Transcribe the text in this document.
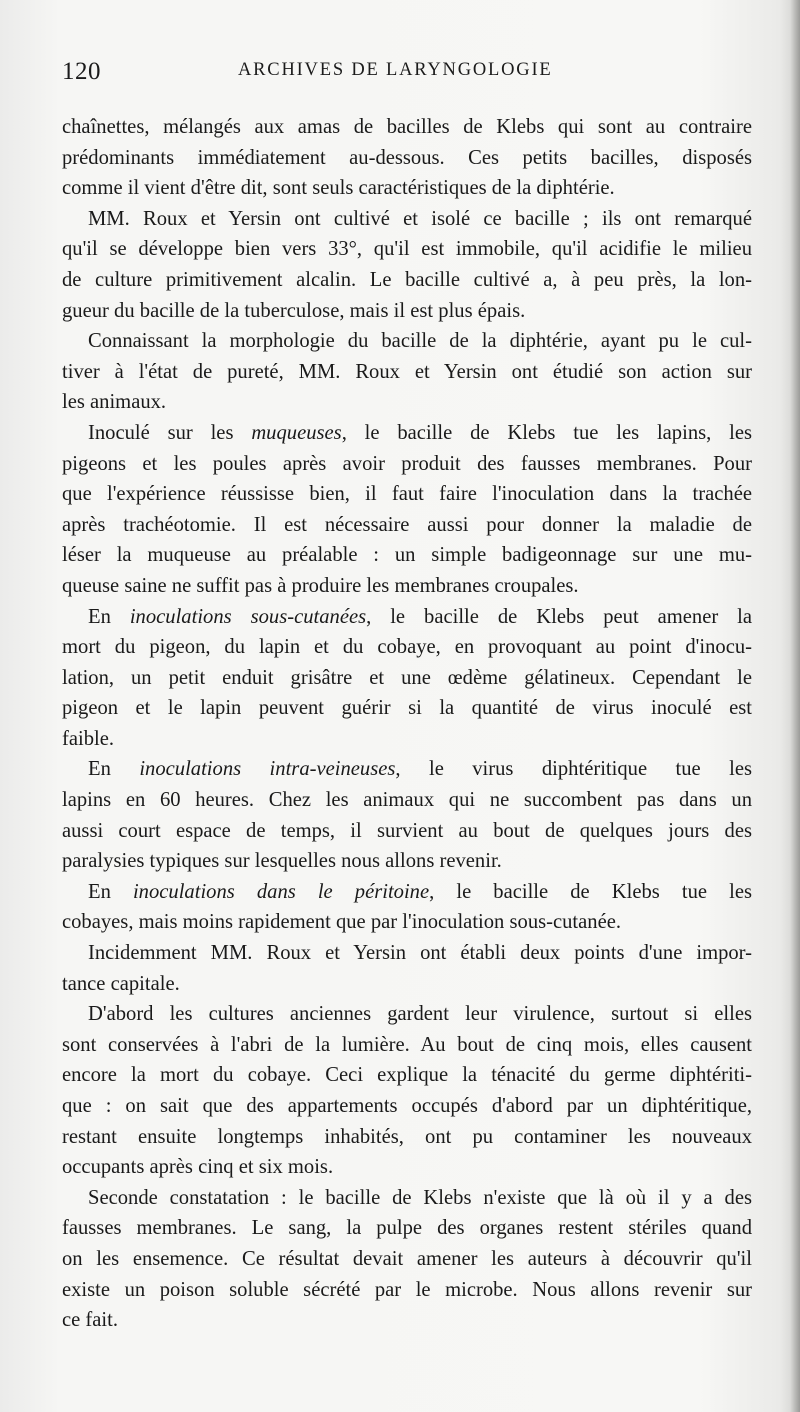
120	ARCHIVES DE LARYNGOLOGIE
chaînettes, mélangés aux amas de bacilles de Klebs qui sont au contraire
prédominants immédiatement au-dessous. Ces petits bacilles, disposés
comme il vient d'être dit, sont seuls caractéristiques de la diphtérie.
MM. Roux et Yersin ont cultivé et isolé ce bacille ; ils ont remarqué
qu'il se développe bien vers 33°, qu'il est immobile, qu'il acidifie le milieu
de culture primitivement alcalin. Le bacille cultivé a, à peu près, la lon-
gueur du bacille de la tuberculose, mais il est plus épais.
Connaissant la morphologie du bacille de la diphtérie, ayant pu le cul-
tiver à l'état de pureté, MM. Roux et Yersin ont étudié son action sur
les animaux.
Inoculé sur les muqueuses, le bacille de Klebs tue les lapins, les
pigeons et les poules après avoir produit des fausses membranes. Pour
que l'expérience réussisse bien, il faut faire l'inoculation dans la trachée
après trachéotomie. Il est nécessaire aussi pour donner la maladie de
léser la muqueuse au préalable : un simple badigeonnage sur une mu-
queuse saine ne suffit pas à produire les membranes croupales.
En inoculations sous-cutanées, le bacille de Klebs peut amener la
mort du pigeon, du lapin et du cobaye, en provoquant au point d'inocu-
lation, un petit enduit grisâtre et une œdème gélatineux. Cependant le
pigeon et le lapin peuvent guérir si la quantité de virus inoculé est
faible.
En inoculations intra-veineuses, le virus diphtéritique tue les
lapins en 60 heures. Chez les animaux qui ne succombent pas dans un
aussi court espace de temps, il survient au bout de quelques jours des
paralysies typiques sur lesquelles nous allons revenir.
En inoculations dans le péritoine, le bacille de Klebs tue les
cobayes, mais moins rapidement que par l'inoculation sous-cutanée.
Incidemment MM. Roux et Yersin ont établi deux points d'une impor-
tance capitale.
D'abord les cultures anciennes gardent leur virulence, surtout si elles
sont conservées à l'abri de la lumière. Au bout de cinq mois, elles causent
encore la mort du cobaye. Ceci explique la ténacité du germe diphtériti-
que : on sait que des appartements occupés d'abord par un diphtéritique,
restant ensuite longtemps inhabités, ont pu contaminer les nouveaux
occupants après cinq et six mois.
Seconde constatation : le bacille de Klebs n'existe que là où il y a des
fausses membranes. Le sang, la pulpe des organes restent stériles quand
on les ensemence. Ce résultat devait amener les auteurs à découvrir qu'il
existe un poison soluble sécrété par le microbe. Nous allons revenir sur
ce fait.
